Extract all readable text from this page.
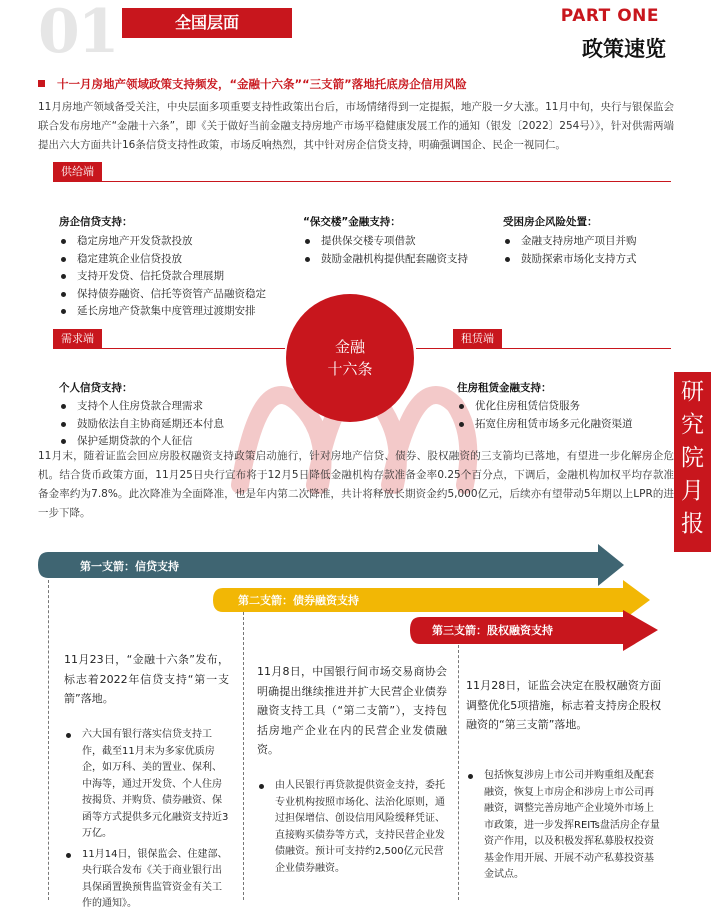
01	全国层面	PART ONE
政策速览
十一月房地产领域政策支持频发，“金融十六条”“三支箭”落地托底房企信用风险
11月房地产领域备受关注，中央层面多项重要支持性政策出台后，市场情绪得到一定提振，地产股一夕大涨。11月中旬，央行与银保监会联合发布房地产“金融十六条”，即《关于做好当前金融支持房地产市场平稳健康发展工作的通知（银发〔2022〕254号）》，针对供需两端提出六大方面共计16条信贷支持性政策，市场反响热烈，其中针对房企信贷支持，明确强调国企、民企一视同仁。
供给端
房企信贷支持：
稳定房地产开发贷款投放
稳定建筑企业信贷投放
支持开发贷、信托贷款合理展期
保持债券融资、信托等资管产品融资稳定
延长房地产贷款集中度管理过渡期安排
“保交楼”金融支持：
提供保交楼专项借款
鼓励金融机构提供配套融资支持
受困房企风险处置：
金融支持房地产项目并购
鼓励探索市场化支持方式
金融
十六条
需求端
个人信贷支持：
支持个人住房贷款合理需求
鼓励依法自主协商延期还本付息
保护延期贷款的个人征信
租赁端
住房租赁金融支持：
优化住房租赁信贷服务
拓宽住房租赁市场多元化融资渠道
研
究
院
月
报
11月末，随着证监会回应房股权融资支持政策启动施行，针对房地产信贷、债券、股权融资的三支箭均已落地，有望进一步化解房企危机。结合货币政策方面，11月25日央行宣布将于12月5日降低金融机构存款准备金率0.25个百分点，下调后，金融机构加权平均存款准备金率约为7.8%。此次降准为全面降准，也是年内第二次降准，共计将释放长期资金约5,000亿元，后续亦有望带动5年期以上LPR的进一步下降。
第一支箭：信贷支持
第二支箭：债券融资支持
第三支箭：股权融资支持
11月23日，“金融十六条”发布，标志着2022年信贷支持“第一支箭”落地。
六大国有银行落实信贷支持工作，截至11月末为多家优质房企，如万科、美的置业、保利、中海等，通过开发贷、个人住房按揭贷、并购贷、债券融资、保函等方式提供多元化融资支持近3万亿。
11月14日，银保监会、住建部、央行联合发布《关于商业银行出具保函置换预售监管资金有关工作的通知》。
11月8日，中国银行间市场交易商协会明确提出继续推进并扩大民营企业债券融资支持工具（“第二支箭”），支持包括房地产企业在内的民营企业发债融资。
由人民银行再贷款提供资金支持，委托专业机构按照市场化、法治化原则，通过担保增信、创设信用风险缓释凭证、直接购买债券等方式，支持民营企业发债融资。预计可支持约2,500亿元民营企业债券融资。
11月28日，证监会决定在股权融资方面调整优化5项措施，标志着支持房企股权融资的“第三支箭”落地。
包括恢复涉房上市公司并购重组及配套融资，恢复上市房企和涉房上市公司再融资，调整完善房地产企业境外市场上市政策，进一步发挥REITs盘活房企存量资产作用，以及积极发挥私募股权投资基金作用开展、开展不动产私募投资基金试点。
